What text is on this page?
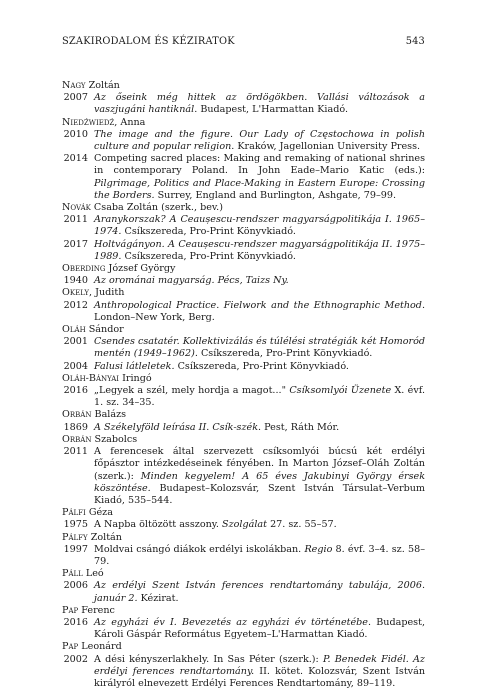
SZAKIRODALOM ÉS KÉZIRATOK	543
Nagy Zoltán
2007 Az őseink még hittek az ördögökben. Vallási változások a vaszjugáni hantiknál. Budapest, L'Harmattan Kiadó.
Niedźwiedź, Anna
2010 The image and the figure. Our Lady of Częstochowa in polish culture and popular religion. Kraków, Jagellonian University Press.
2014 Competing sacred places: Making and remaking of national shrines in contemporary Poland. In John Eade–Mario Katic (eds.): Pilgrimage, Politics and Place-Making in Eastern Europe: Crossing the Borders. Surrey, England and Burlington, Ashgate, 79–99.
Novák Csaba Zoltán (szerk., bev.)
2011 Aranykorszak? A Ceaușescu-rendszer magyarságpolitikája I. 1965–1974. Csíkszereda, Pro-Print Könyvkiadó.
2017 Holtvágányon. A Ceaușescu-rendszer magyarságpolitikája II. 1975–1989. Csíkszereda, Pro-Print Könyvkiadó.
Oberding József György
1940 Az orománai magyarság. Pécs, Taizs Ny.
Okely, Judith
2012 Anthropological Practice. Fielwork and the Ethnographic Method. London–New York, Berg.
Oláh Sándor
2001 Csendes csatatér. Kollektivizálás és túlélési stratégiák két Homoród mentén (1949–1962). Csíkszereda, Pro-Print Könyvkiadó.
2004 Falusi látleletek. Csíkszereda, Pro-Print Könyvkiadó.
Oláh-Bányai Iringó
2016 „Legyek a szél, mely hordja a magot..." Csíksomlyói Üzenete X. évf. 1. sz. 34–35.
Orbán Balázs
1869 A Székelyföld leírása II. Csík-szék. Pest, Ráth Mór.
Orbán Szabolcs
2011 A ferencesek által szervezett csíksomlyói búcsú két erdélyi főpásztor intézkedéseinek fényében. In Marton József–Oláh Zoltán (szerk.): Minden kegyelem! A 65 éves Jakubinyi György érsek köszöntése. Budapest–Kolozsvár, Szent István Társulat–Verbum Kiadó, 535–544.
Pálfi Géza
1975 A Napba öltözött asszony. Szolgálat 27. sz. 55–57.
Pálfy Zoltán
1997 Moldvai csángó diákok erdélyi iskolákban. Regio 8. évf. 3–4. sz. 58–79.
Páll Leó
2006 Az erdélyi Szent István ferences rendtartomány tabulája, 2006. január 2. Kézirat.
Pap Ferenc
2016 Az egyházi év I. Bevezetés az egyházi év történetébe. Budapest, Károli Gáspár Református Egyetem–L'Harmattan Kiadó.
Pap Leonárd
2002 A dési kényszerlakhely. In Sas Péter (szerk.): P. Benedek Fidél. Az erdélyi ferences rendtartomány. II. kötet. Kolozsvár, Szent István királyról elnevezett Erdélyi Ferences Rendtartomány, 89–119.
